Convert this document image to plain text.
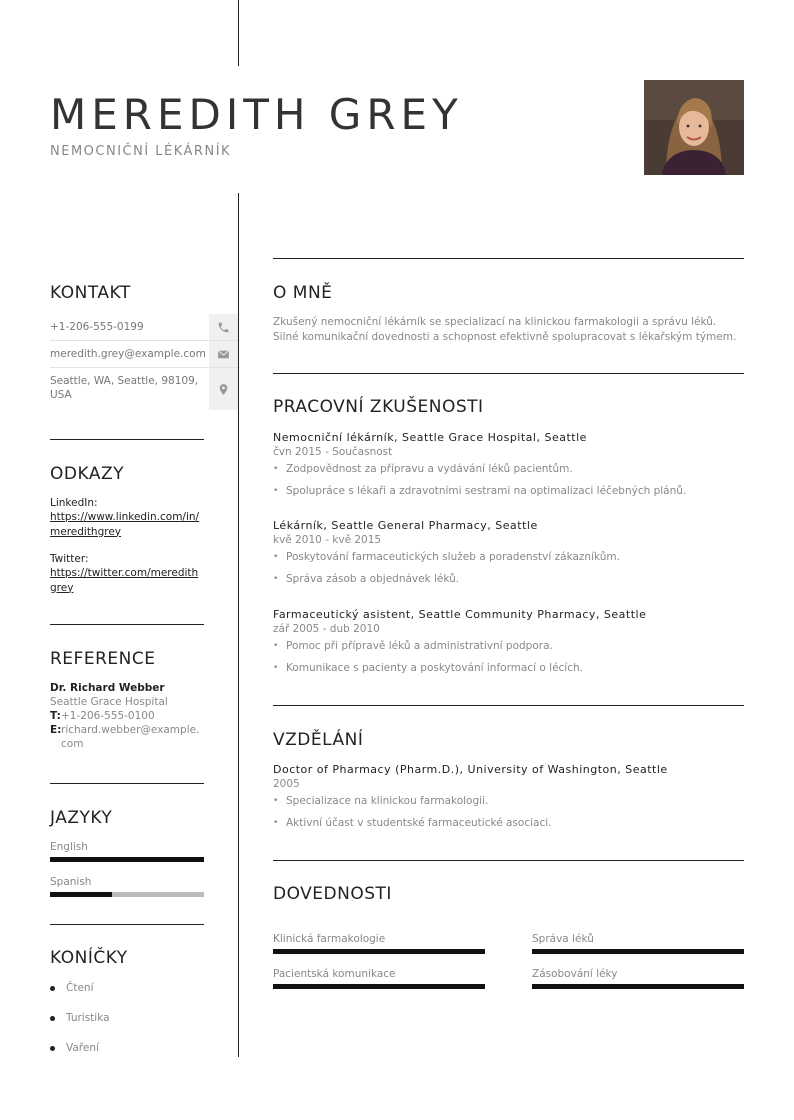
MEREDITH GREY
NEMOCNIČNÍ LÉKÁRNÍK
KONTAKT
+1-206-555-0199
meredith.grey@example.com
Seattle, WA, Seattle, 98109, USA
ODKAZY
LinkedIn:
https://www.linkedin.com/in/meredithgrey
Twitter:
https://twitter.com/meredithgrey
REFERENCE
Dr. Richard Webber
Seattle Grace Hospital
T: +1-206-555-0100
E: richard.webber@example.com
JAZYKY
English
Spanish
KONÍČKY
Čtení
Turistika
Vaření
O MNĚ
Zkušený nemocniční lékárník se specializací na klinickou farmakologii a správu léků. Silné komunikační dovednosti a schopnost efektivně spolupracovat s lékařským týmem.
PRACOVNÍ ZKUŠENOSTI
Nemocniční lékárník, Seattle Grace Hospital, Seattle
čvn 2015 - Současnost
• Zodpovědnost za přípravu a vydávání léků pacientům.
• Spolupráce s lékaři a zdravotními sestrami na optimalizaci léčebných plánů.
Lékárník, Seattle General Pharmacy, Seattle
kvě 2010 - kvě 2015
• Poskytování farmaceutických služeb a poradenství zákazníkům.
• Správa zásob a objednávek léků.
Farmaceutický asistent, Seattle Community Pharmacy, Seattle
zář 2005 - dub 2010
• Pomoc při přípravě léků a administrativní podpora.
• Komunikace s pacienty a poskytování informací o lécích.
VZDĚLÁNÍ
Doctor of Pharmacy (Pharm.D.), University of Washington, Seattle
2005
• Specializace na klinickou farmakologii.
• Aktivní účast v studentské farmaceutické asociaci.
DOVEDNOSTI
Klinická farmakologie	Správa léků
Pacientská komunikace	Zásobování léky
